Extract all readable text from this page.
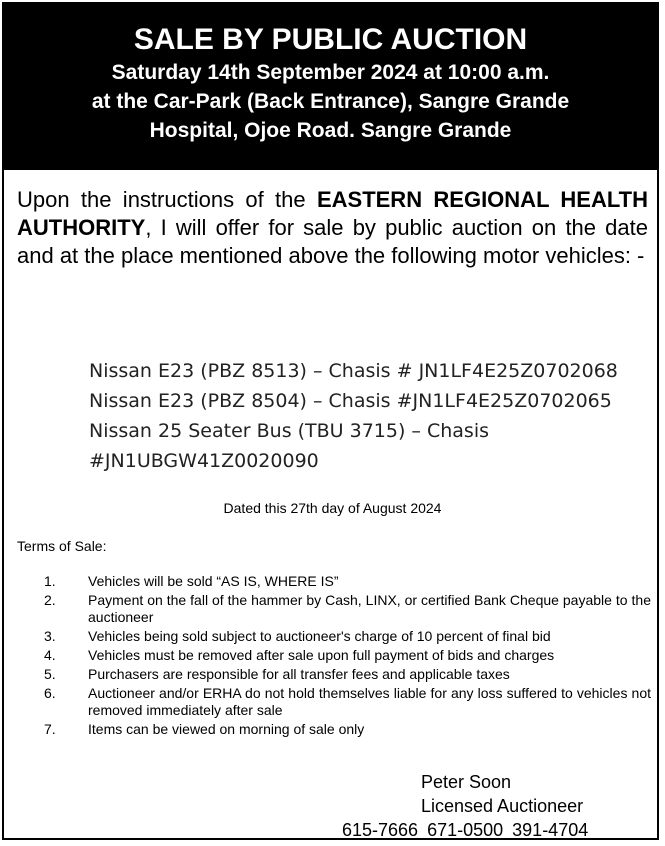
SALE BY PUBLIC AUCTION
Saturday 14th September 2024 at 10:00 a.m.
at the Car-Park (Back Entrance), Sangre Grande
Hospital, Ojoe Road. Sangre Grande
Upon the instructions of the EASTERN REGIONAL HEALTH AUTHORITY, I will offer for sale by public auction on the date and at the place mentioned above the following motor vehicles: -
Nissan E23 (PBZ 8513) – Chasis # JN1LF4E25Z0702068
Nissan E23 (PBZ 8504) – Chasis #JN1LF4E25Z0702065
Nissan 25 Seater Bus (TBU 3715) – Chasis
#JN1UBGW41Z0020090
Dated this 27th day of August 2024
Terms of Sale:
1.	Vehicles will be sold “AS IS, WHERE IS”
2.	Payment on the fall of the hammer by Cash, LINX, or certified Bank Cheque payable to the auctioneer
3.	Vehicles being sold subject to auctioneer's charge of 10 percent of final bid
4.	Vehicles must be removed after sale upon full payment of bids and charges
5.	Purchasers are responsible for all transfer fees and applicable taxes
6.	Auctioneer and/or ERHA do not hold themselves liable for any loss suffered to vehicles not removed immediately after sale
7.	Items can be viewed on morning of sale only
Peter Soon
Licensed Auctioneer
615-7666 671-0500 391-4704
